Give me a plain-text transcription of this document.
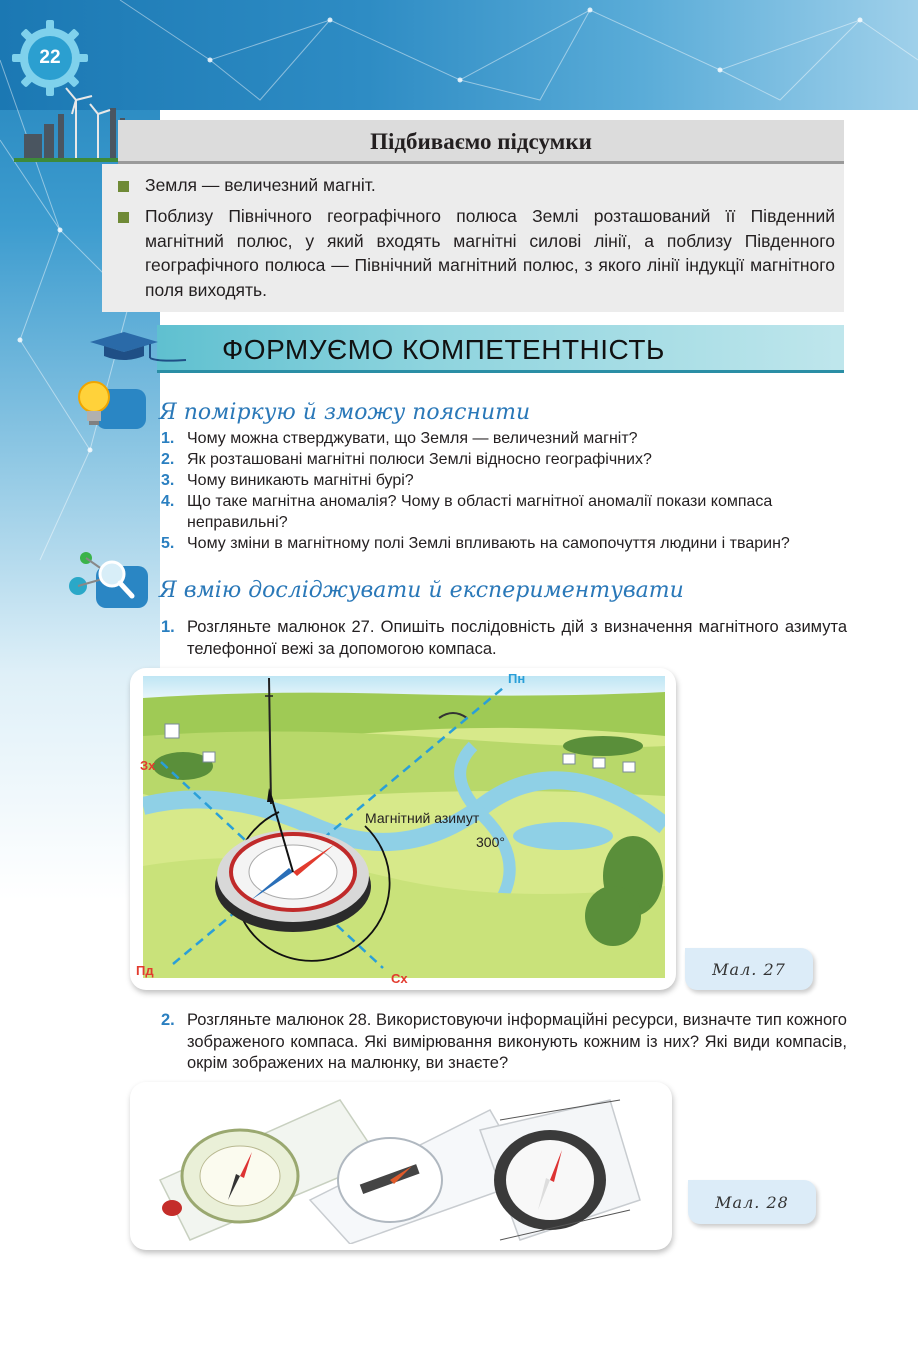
22
Підбиваємо підсумки
Земля — величезний магніт.
Поблизу Північного географічного полюса Землі розташований її Південний магнітний полюс, у який входять магнітні силові лінії, а поблизу Південного географічного полюса — Північний магнітний полюс, з якого лінії індукції магнітного поля виходять.
ФОРМУЄМО КОМПЕТЕНТНІСТЬ
Я поміркую й зможу пояснити
1. Чому можна стверджувати, що Земля — величезний магніт?
2. Як розташовані магнітні полюси Землі відносно географічних?
3. Чому виникають магнітні бурі?
4. Що таке магнітна аномалія? Чому в області магнітної аномалії покази компаса неправильні?
5. Чому зміни в магнітному полі Землі впливають на самопочуття людини і тварин?
Я вмію досліджувати й експериментувати
1. Розгляньте малюнок 27. Опишіть послідовність дій з визначення магнітного азимута телефонної вежі за допомогою компаса.
Пн
Зх
Пд
Сх
Магнітний азимут
300°
Мал. 27
2. Розгляньте малюнок 28. Використовуючи інформаційні ресурси, визначте тип кожного зображеного компаса. Які вимірювання виконують кожним із них? Які види компасів, окрім зображених на малюнку, ви знаєте?
Мал. 28
